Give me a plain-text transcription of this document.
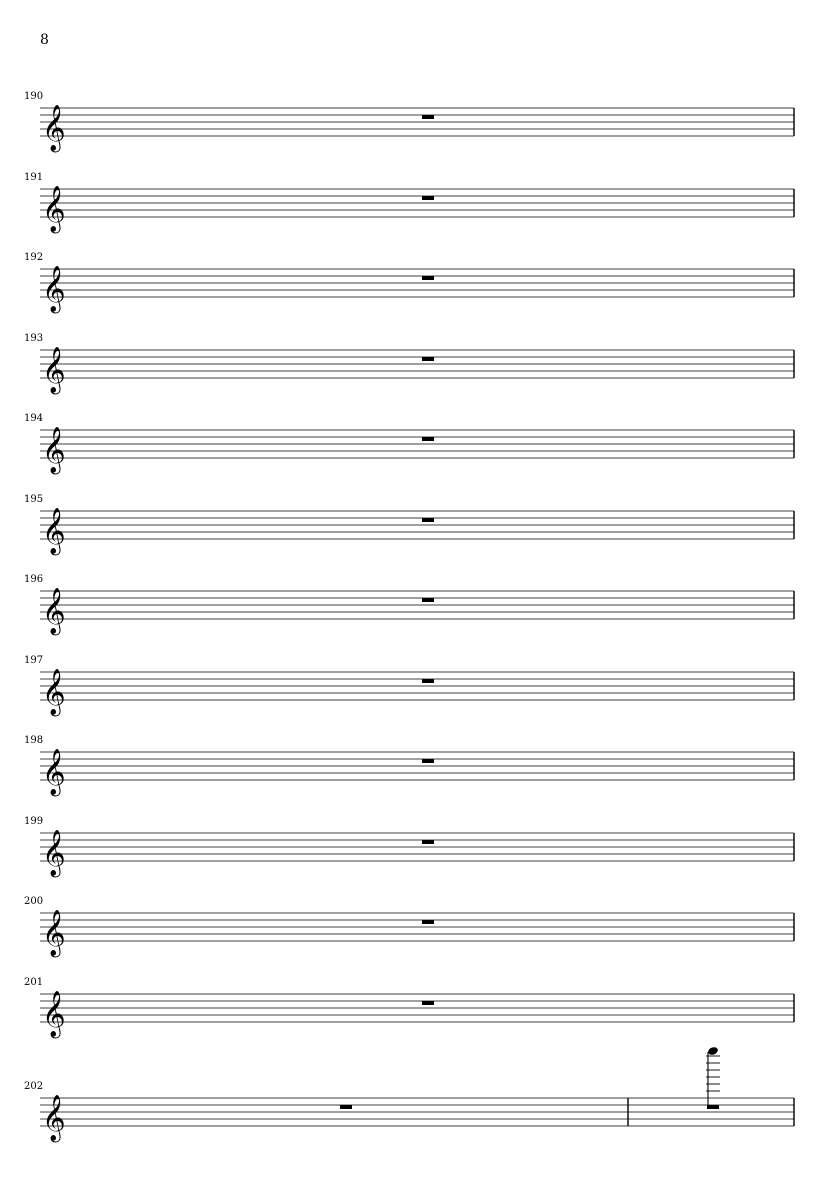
8
190
𝄞
191
𝄞
192
𝄞
193
𝄞
194
𝄞
195
𝄞
196
𝄞
197
𝄞
198
𝄞
199
𝄞
200
𝄞
201
𝄞
202
𝄞
